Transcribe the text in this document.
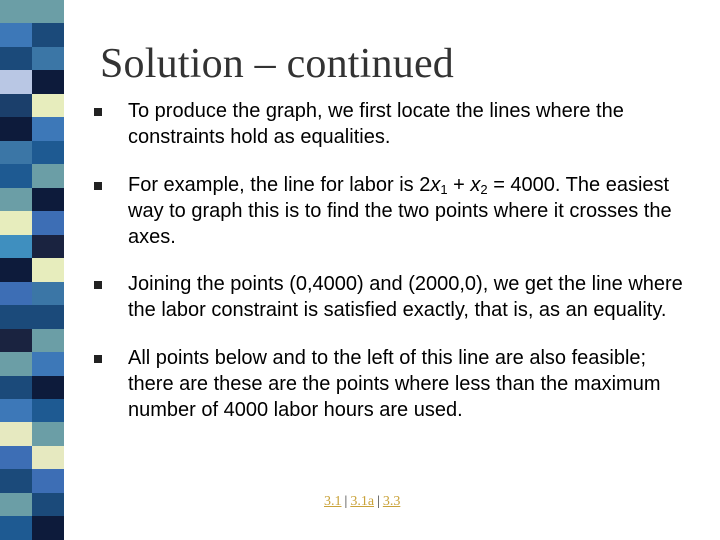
Solution – continued
To produce the graph, we first locate the lines where the constraints hold as equalities.
For example, the line for labor is $2x_1 + x_2 = 4000$. The easiest way to graph this is to find the two points where it crosses the axes.
Joining the points (0,4000) and (2000,0), we get the line where the labor constraint is satisfied exactly, that is, as an equality.
All points below and to the left of this line are also feasible; there are these are the points where less than the maximum number of 4000 labor hours are used.
3.1 | 3.1a | 3.3
